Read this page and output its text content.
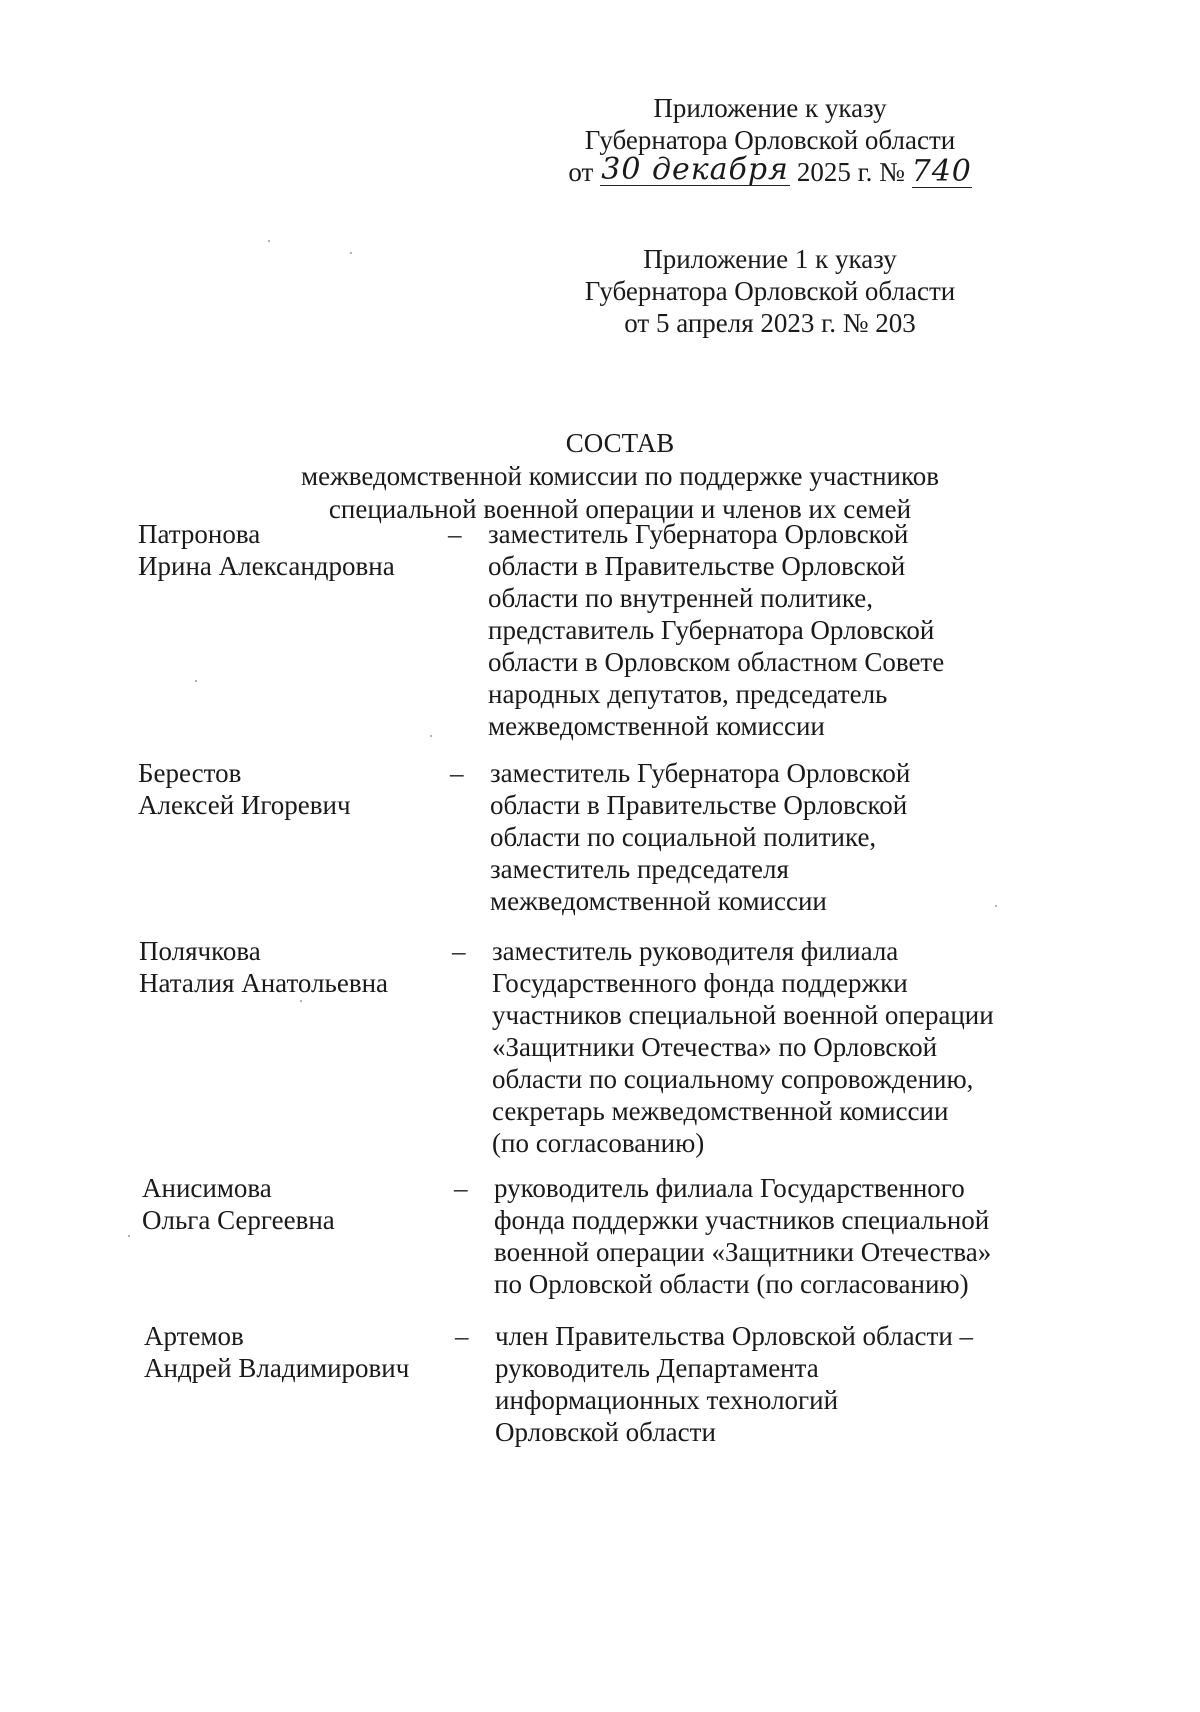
Приложение к указу
Губернатора Орловской области
от 30 декабря 2025 г. № 740
Приложение 1 к указу
Губернатора Орловской области
от 5 апреля 2023 г. № 203
СОСТАВ
межведомственной комиссии по поддержке участников
специальной военной операции и членов их семей
Патронова
Ирина Александровна
– заместитель Губернатора Орловской
области в Правительстве Орловской
области по внутренней политике,
представитель Губернатора Орловской
области в Орловском областном Совете
народных депутатов, председатель
межведомственной комиссии
Берестов
Алексей Игоревич
– заместитель Губернатора Орловской
области в Правительстве Орловской
области по социальной политике,
заместитель председателя
межведомственной комиссии
Полячкова
Наталия Анатольевна
– заместитель руководителя филиала
Государственного фонда поддержки
участников специальной военной операции
«Защитники Отечества» по Орловской
области по социальному сопровождению,
секретарь межведомственной комиссии
(по согласованию)
Анисимова
Ольга Сергеевна
– руководитель филиала Государственного
фонда поддержки участников специальной
военной операции «Защитники Отечества»
по Орловской области (по согласованию)
Артемов
Андрей Владимирович
– член Правительства Орловской области –
руководитель Департамента
информационных технологий
Орловской области
